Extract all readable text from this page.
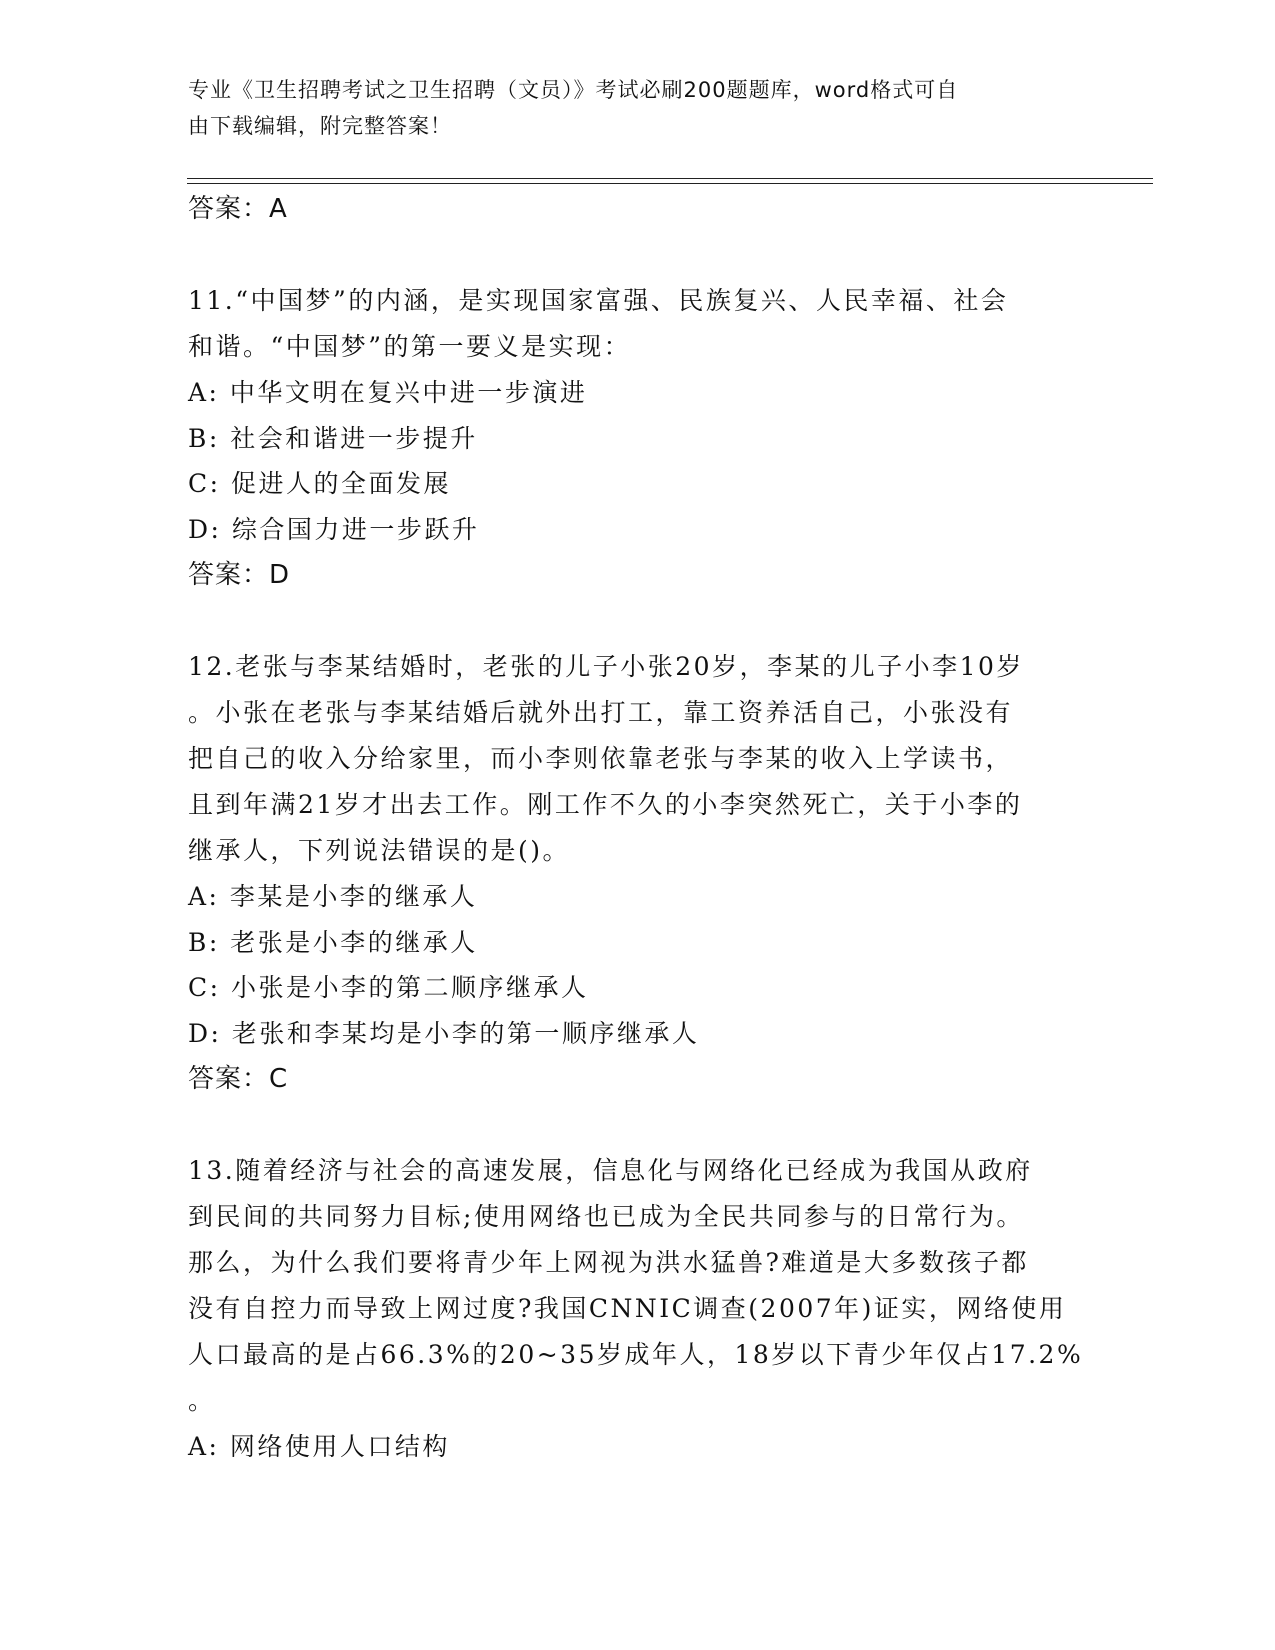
专业《卫生招聘考试之卫生招聘（文员）》考试必刷200题题库，word格式可自
由下载编辑，附完整答案！

答案：A

11.“中国梦”的内涵，是实现国家富强、民族复兴、人民幸福、社会

和谐。“中国梦”的第一要义是实现：

A: 中华文明在复兴中进一步演进

B: 社会和谐进一步提升

C: 促进人的全面发展

D: 综合国力进一步跃升

答案：D

12.老张与李某结婚时，老张的儿子小张20岁，李某的儿子小李10岁

。小张在老张与李某结婚后就外出打工，靠工资养活自己，小张没有

把自己的收入分给家里，而小李则依靠老张与李某的收入上学读书，

且到年满21岁才出去工作。刚工作不久的小李突然死亡，关于小李的

继承人，下列说法错误的是()。

A: 李某是小李的继承人

B: 老张是小李的继承人

C: 小张是小李的第二顺序继承人

D: 老张和李某均是小李的第一顺序继承人

答案：C

13.随着经济与社会的高速发展，信息化与网络化已经成为我国从政府

到民间的共同努力目标;使用网络也已成为全民共同参与的日常行为。

那么，为什么我们要将青少年上网视为洪水猛兽?难道是大多数孩子都

没有自控力而导致上网过度?我国CNNIC调查(2007年)证实，网络使用

人口最高的是占66.3%的20~35岁成年人，18岁以下青少年仅占17.2%

。

A: 网络使用人口结构
